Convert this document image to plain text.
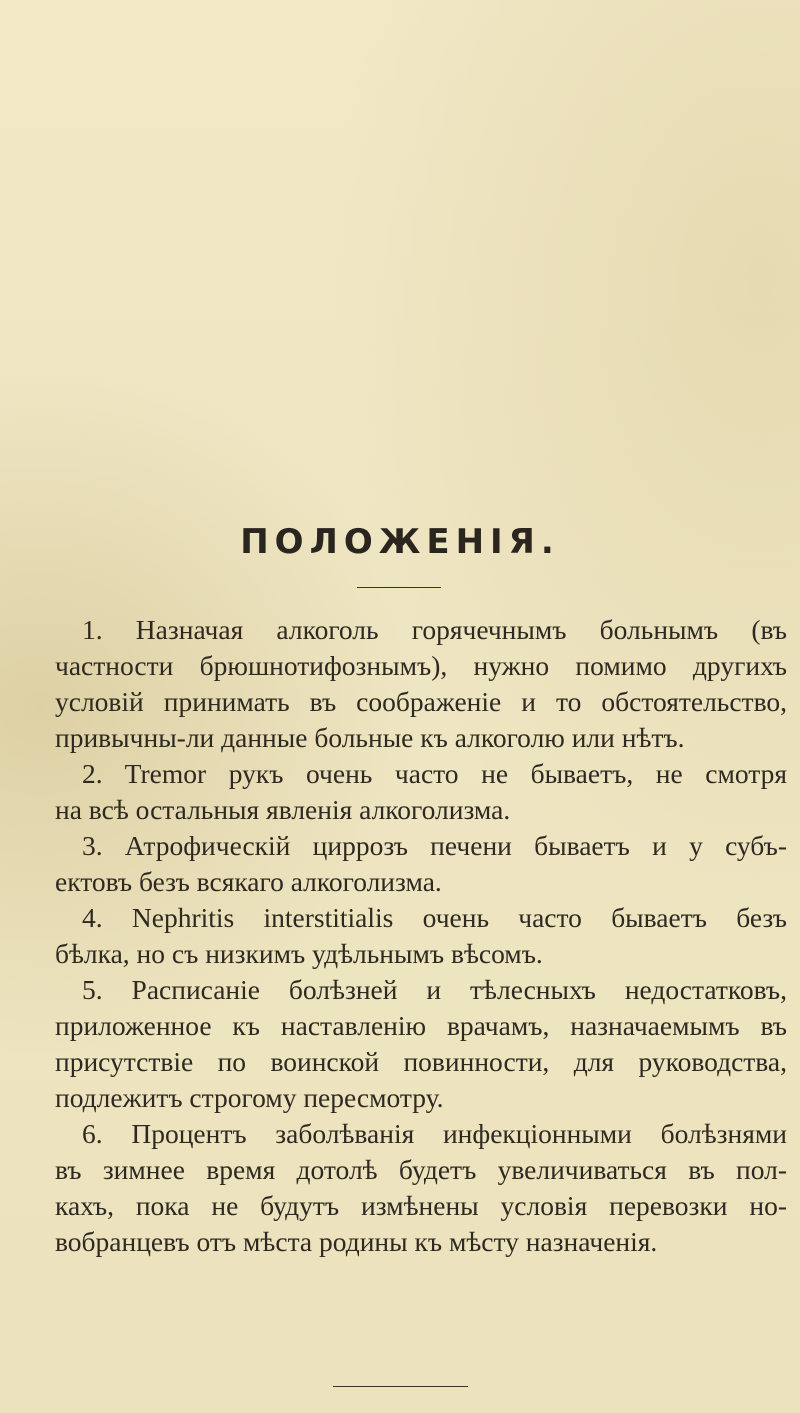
ПОЛОЖЕНІЯ.
1. Назначая алкоголь горячечнымъ больнымъ (въ
частности брюшнотифознымъ), нужно помимо другихъ
условій принимать въ соображеніе и то обстоятельство,
привычны-ли данные больные къ алкоголю или нѣтъ.
2. Tremor рукъ очень часто не бываетъ, не смотря
на всѣ остальныя явленія алкоголизма.
3. Атрофическій циррозъ печени бываетъ и у субъ-
ектовъ безъ всякаго алкоголизма.
4. Nephritis interstitialis очень часто бываетъ безъ
бѣлка, но съ низкимъ удѣльнымъ вѣсомъ.
5. Расписаніе болѣзней и тѣлесныхъ недостатковъ,
приложенное къ наставленію врачамъ, назначаемымъ въ
присутствіе по воинской повинности, для руководства,
подлежитъ строгому пересмотру.
6. Процентъ заболѣванія инфекціонными болѣзнями
въ зимнее время дотолѣ будетъ увеличиваться въ пол-
кахъ, пока не будутъ измѣнены условія перевозки но-
вобранцевъ отъ мѣста родины къ мѣсту назначенія.
